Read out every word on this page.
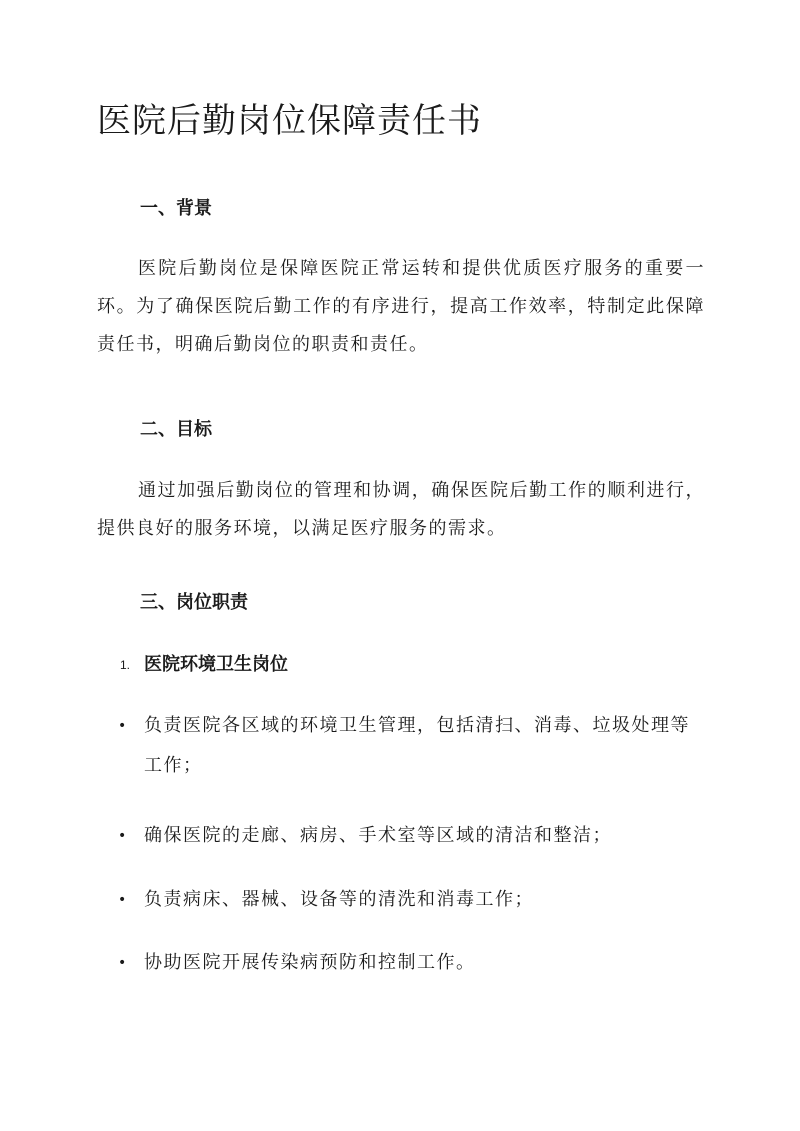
医院后勤岗位保障责任书
一、背景

医院后勤岗位是保障医院正常运转和提供优质医疗服务的重要一环。为了确保医院后勤工作的有序进行，提高工作效率，特制定此保障责任书，明确后勤岗位的职责和责任。

二、目标

通过加强后勤岗位的管理和协调，确保医院后勤工作的顺利进行，提供良好的服务环境，以满足医疗服务的需求。

三、岗位职责
1. 医院环境卫生岗位
• 负责医院各区域的环境卫生管理，包括清扫、消毒、垃圾处理等工作；
• 确保医院的走廊、病房、手术室等区域的清洁和整洁；
• 负责病床、器械、设备等的清洗和消毒工作；
• 协助医院开展传染病预防和控制工作。
